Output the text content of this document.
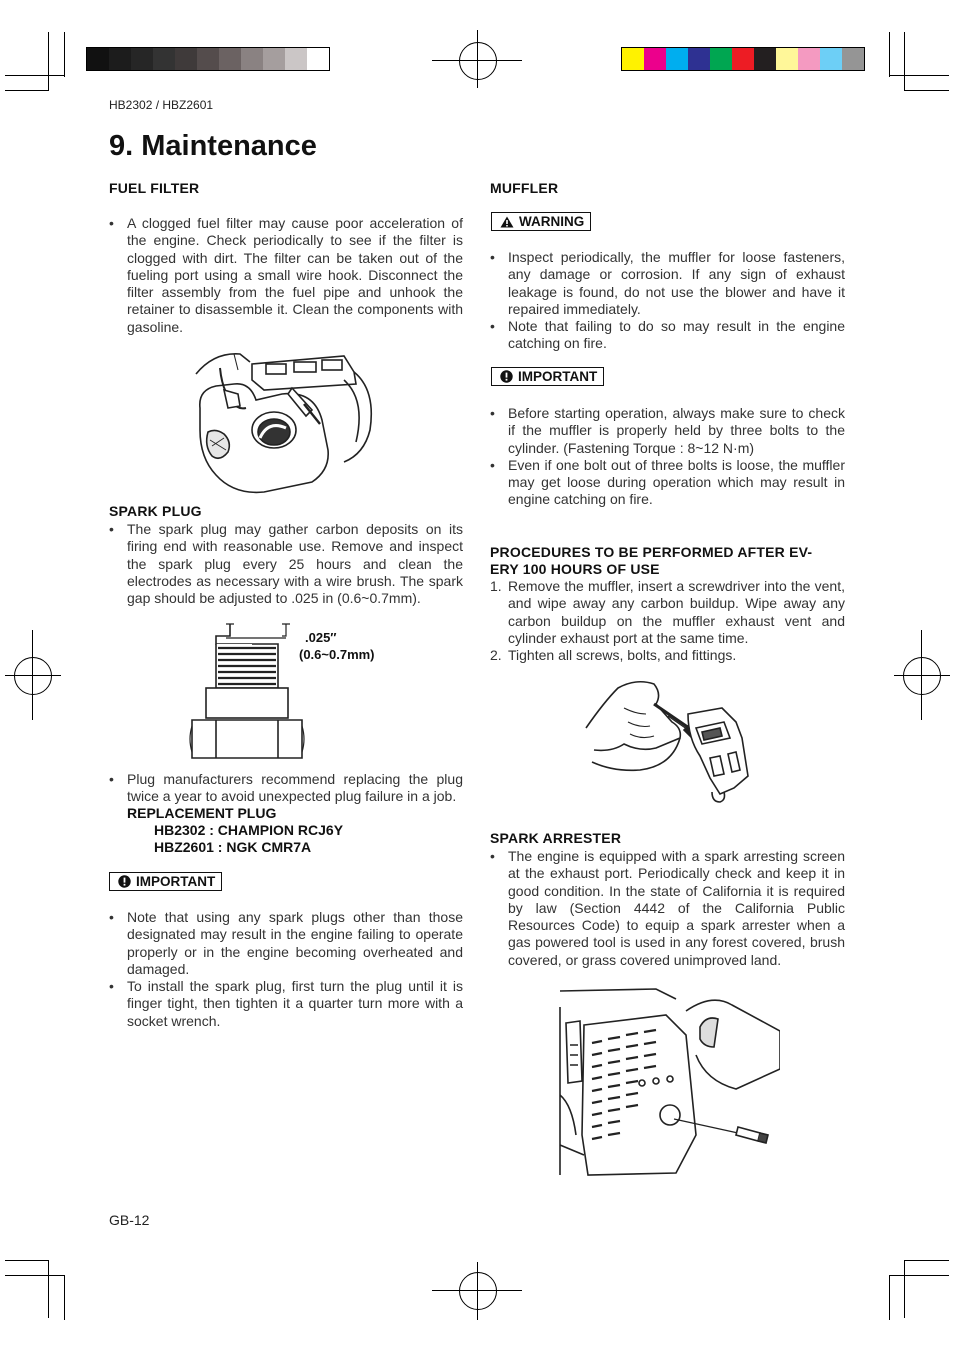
HB2302 / HBZ2601
9. Maintenance
FUEL FILTER
• A clogged fuel filter may cause poor acceleration of the engine. Check periodically to see if the filter is clogged with dirt. The filter can be taken out of the fueling port using a small wire hook. Disconnect the filter assembly from the fuel pipe and unhook the retainer to disassemble it. Clean the components with gasoline.
SPARK PLUG
• The spark plug may gather carbon deposits on its firing end with reasonable use. Remove and inspect the spark plug every 25 hours and clean the electrodes as necessary with a wire brush. The spark gap should be adjusted to .025 in (0.6~0.7mm).
.025″
(0.6~0.7mm)
• Plug manufacturers recommend replacing the plug twice a year to avoid unexpected plug failure in a job.
REPLACEMENT PLUG
HB2302 : CHAMPION RCJ6Y
HBZ2601 : NGK CMR7A
IMPORTANT
• Note that using any spark plugs other than those designated may result in the engine failing to operate properly or in the engine becoming overheated and damaged.
• To install the spark plug, first turn the plug until it is finger tight, then tighten it a quarter turn more with a socket wrench.
MUFFLER
WARNING
• Inspect periodically, the muffler for loose fasteners, any damage or corrosion. If any sign of exhaust leakage is found, do not use the blower and have it repaired immediately.
• Note that failing to do so may result in the engine catching on fire.
IMPORTANT
• Before starting operation, always make sure to check if the muffler is properly held by three bolts to the cylinder. (Fastening Torque : 8~12 N·m)
• Even if one bolt out of three bolts is loose, the muffler may get loose during operation which may result in engine catching on fire.
PROCEDURES TO BE PERFORMED AFTER EV-
ERY 100 HOURS OF USE
1. Remove the muffler, insert a screwdriver into the vent, and wipe away any carbon buildup. Wipe away any carbon buildup on the muffler exhaust vent and cylinder exhaust port at the same time.
2. Tighten all screws, bolts, and fittings.
SPARK ARRESTER
• The engine is equipped with a spark arresting screen at the exhaust port. Periodically check and keep it in good condition. In the state of California it is required by law (Section 4442 of the California Public Resources Code) to equip a spark arrester when a gas powered tool is used in any forest covered, brush covered, or grass covered unimproved land.
GB-12
